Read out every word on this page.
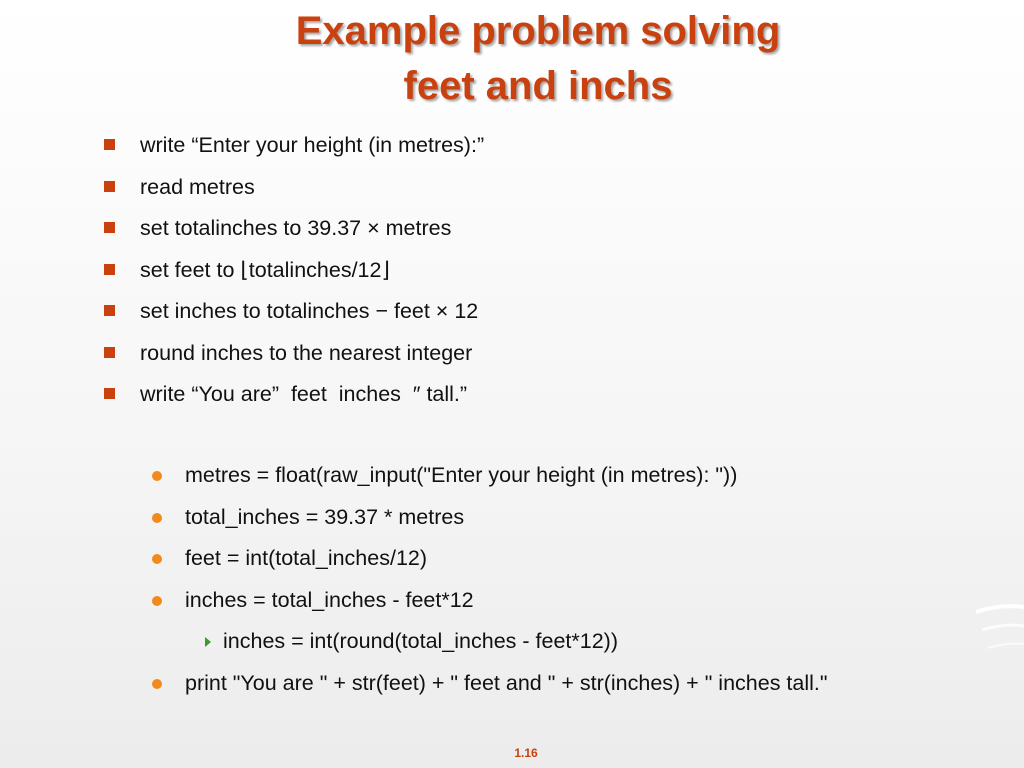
Example problem solving
feet and inchs

write “Enter your height (in metres):”

read metres

set totalinches to 39.37 × metres

set feet to ⌊totalinches/12⌋

set inches to totalinches − feet × 12

round inches to the nearest integer

write “You are”  feet  inches  ″ tall.”

metres = float(raw_input("Enter your height (in metres): "))
total_inches = 39.37 * metres
feet = int(total_inches/12)
inches = total_inches - feet*12
inches = int(round(total_inches - feet*12))
print "You are " + str(feet) + " feet and " + str(inches) + " inches tall."
1.16
